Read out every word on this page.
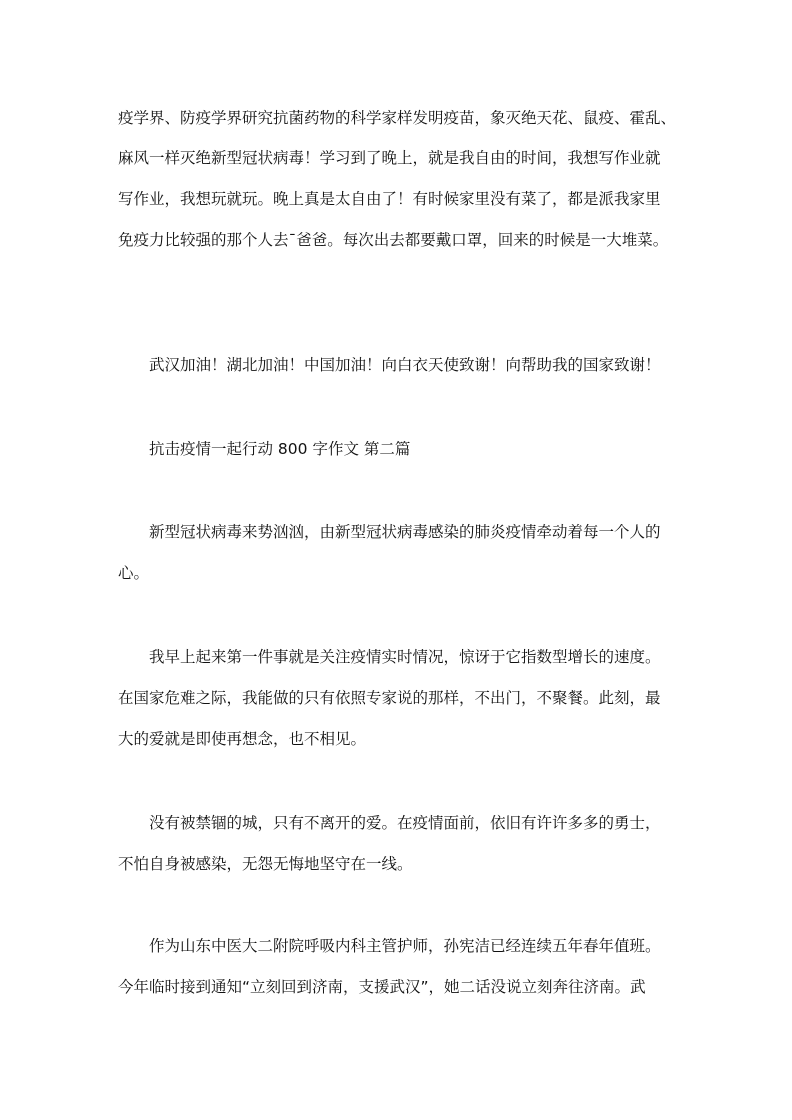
疫学界、防疫学界研究抗菌药物的科学家样发明疫苗，象灭绝天花、鼠疫、霍乱、
麻风一样灭绝新型冠状病毒！学习到了晚上，就是我自由的时间，我想写作业就
写作业，我想玩就玩。晚上真是太自由了！有时候家里没有菜了，都是派我家里
免疫力比较强的那个人去¯爸爸。每次出去都要戴口罩，回来的时候是一大堆菜。
武汉加油！湖北加油！中国加油！向白衣天使致谢！向帮助我的国家致谢！
抗击疫情一起行动 800 字作文 第二篇
新型冠状病毒来势汹汹，由新型冠状病毒感染的肺炎疫情牵动着每一个人的
心。
我早上起来第一件事就是关注疫情实时情况，惊讶于它指数型增长的速度。
在国家危难之际，我能做的只有依照专家说的那样，不出门，不聚餐。此刻，最
大的爱就是即使再想念，也不相见。
没有被禁锢的城，只有不离开的爱。在疫情面前，依旧有许许多多的勇士，
不怕自身被感染，无怨无悔地坚守在一线。
作为山东中医大二附院呼吸内科主管护师，孙宪洁已经连续五年春年值班。
今年临时接到通知“立刻回到济南，支援武汉”，她二话没说立刻奔往济南。武
